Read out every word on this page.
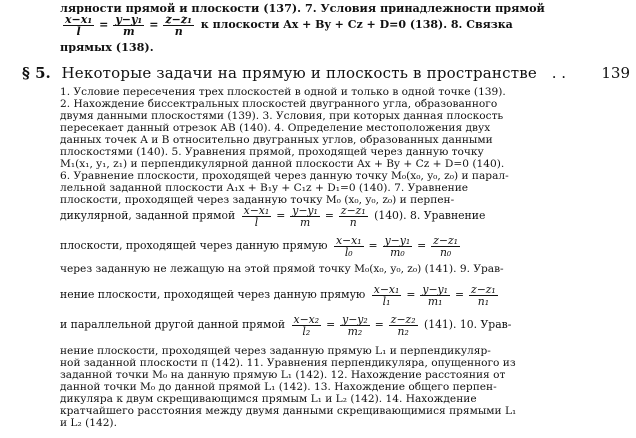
лярности прямой и плоскости (137). 7. Условия принадлежности прямой
$\frac{\text{x−x₁}}{l} = \frac{\text{y−y₁}}{m} = \frac{\text{z−z₁}}{n}$ к плоскости Ax + By + Cz + D=0 (138). 8. Связка
прямых (138).
§ 5. Некоторые задачи на прямую и плоскость в пространстве . . 139
1. Условие пересечения трех плоскостей в одной и только в одной точке (139).
2. Нахождение биссектральных плоскостей двугранного угла, образованного
двумя данными плоскостями (139). 3. Условия, при которых данная плоскость
пересекает данный отрезок AB (140). 4. Определение местоположения двух
данных точек A и B относительно двугранных углов, образованных данными
плоскостями (140). 5. Уравнения прямой, проходящей через данную точку
M₁(x₁, y₁, z₁) и перпендикулярной данной плоскости Ax + By + Cz + D=0 (140).
6. Уравнение плоскости, проходящей через данную точку M₀(x₀, y₀, z₀) и парал-
лельной заданной плоскости A₁x + B₁y + C₁z + D₁=0 (140). 7. Уравнение
плоскости, проходящей через заданную точку M₀ (x₀, y₀, z₀) и перпен-
дикулярной, заданной прямой $\frac{\text{x−x₁}}{l} = \frac{\text{y−y₁}}{m} = \frac{\text{z−z₁}}{n} (140)$. 8. Уравнение
плоскости, проходящей через данную прямую $\frac{\text{x−x₁}}{\text{l₀}} = \frac{\text{y−y₁}}{\text{m₀}} = \frac{\text{z−z₁}}{\text{n₀}}$
через заданную не лежащую на этой прямой точку M₀(x₀, y₀, z₀) (141). 9. Урав-
нение плоскости, проходящей через данную прямую $\frac{\text{x−x₁}}{\text{l₁}} = \frac{\text{y−y₁}}{\text{m₁}} = \frac{\text{z−z₁}}{\text{n₁}}$
и параллельной другой данной прямой $\frac{\text{x−x₂}}{\text{l₂}} = \frac{\text{y−y₂}}{\text{m₂}} = \frac{\text{z−z₂}}{\text{n₂}} (141)$. 10. Урав-
нение плоскости, проходящей через заданную прямую L₁ и перпендикуляр-
ной заданной плоскости π (142). 11. Уравнения перпендикуляра, опущенного из
заданной точки M₀ на данную прямую L₁ (142). 12. Нахождение расстояния от
данной точки M₀ до данной прямой L₁ (142). 13. Нахождение общего перпен-
дикуляра к двум скрещивающимся прямым L₁ и L₂ (142). 14. Нахождение
кратчайшего расстояния между двумя данными скрещивающимися прямыми L₁
и L₂ (142).
